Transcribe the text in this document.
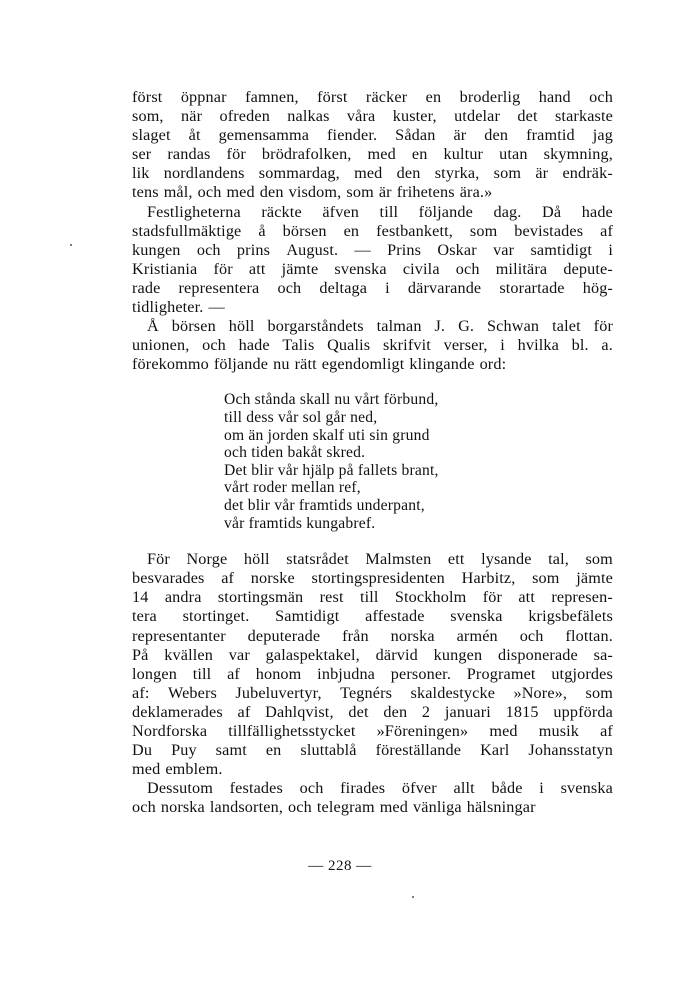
först öppnar famnen, först räcker en broderlig hand och
som, när ofreden nalkas våra kuster, utdelar det starkaste
slaget åt gemensamma fiender. Sådan är den framtid jag
ser randas för brödrafolken, med en kultur utan skymning,
lik nordlandens sommardag, med den styrka, som är endräk-
tens mål, och med den visdom, som är frihetens ära.»
Festligheterna räckte äfven till följande dag. Då hade
stadsfullmäktige å börsen en festbankett, som bevistades af
kungen och prins August. — Prins Oskar var samtidigt i
Kristiania för att jämte svenska civila och militära depute-
rade representera och deltaga i därvarande storartade hög-
tidligheter. —
Å börsen höll borgarståndets talman J. G. Schwan talet för
unionen, och hade Talis Qualis skrifvit verser, i hvilka bl. a.
förekommo följande nu rätt egendomligt klingande ord:
Och stånda skall nu vårt förbund,
till dess vår sol går ned,
om än jorden skalf uti sin grund
och tiden bakåt skred.
Det blir vår hjälp på fallets brant,
vårt roder mellan ref,
det blir vår framtids underpant,
vår framtids kungabref.
För Norge höll statsrådet Malmsten ett lysande tal, som
besvarades af norske stortingspresidenten Harbitz, som jämte
14 andra stortingsmän rest till Stockholm för att represen-
tera stortinget. Samtidigt affestade svenska krigsbefälets
representanter deputerade från norska armén och flottan.
På kvällen var galaspektakel, därvid kungen disponerade sa-
longen till af honom inbjudna personer. Programet utgjordes
af: Webers Jubeluvertyr, Tegnérs skaldestycke »Nore», som
deklamerades af Dahlqvist, det den 2 januari 1815 uppförda
Nordforska tillfällighetsstycket »Föreningen» med musik af
Du Puy samt en sluttablå föreställande Karl Johansstatyn
med emblem.
Dessutom festades och firades öfver allt både i svenska
och norska landsorten, och telegram med vänliga hälsningar
— 228 —
